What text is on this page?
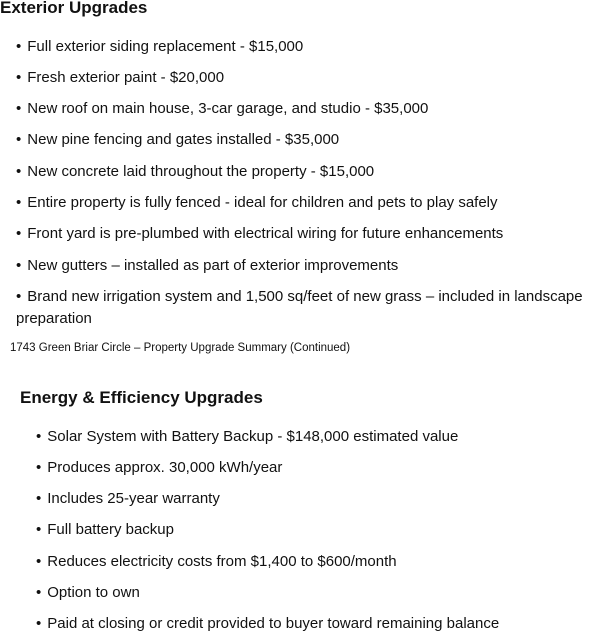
Exterior Upgrades
• Full exterior siding replacement - $15,000
• Fresh exterior paint - $20,000
• New roof on main house, 3-car garage, and studio - $35,000
• New pine fencing and gates installed - $35,000
• New concrete laid throughout the property - $15,000
• Entire property is fully fenced - ideal for children and pets to play safely
• Front yard is pre-plumbed with electrical wiring for future enhancements
• New gutters – installed as part of exterior improvements
• Brand new irrigation system and 1,500 sq/feet of new grass – included in landscape preparation
1743 Green Briar Circle – Property Upgrade Summary (Continued)
Energy & Efficiency Upgrades
• Solar System with Battery Backup - $148,000 estimated value
• Produces approx. 30,000 kWh/year
• Includes 25-year warranty
• Full battery backup
• Reduces electricity costs from $1,400 to $600/month
• Option to own
• Paid at closing or credit provided to buyer toward remaining balance
